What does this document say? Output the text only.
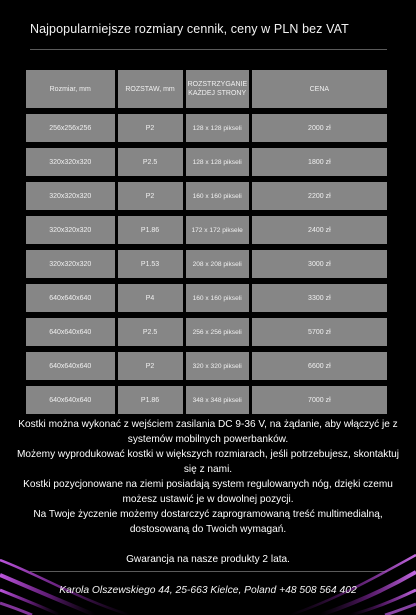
Najpopularniejsze rozmiary cennik, ceny w PLN bez VAT
Rozmiar, mm	ROZSTAW, mm	ROZSTRZYGANIE KAŻDEJ STRONY	CENA
256x256x256	P2	128 x 128 pikseli	2000 zł
320x320x320	P2.5	128 x 128 pikseli	1800 zł
320x320x320	P2	160 x 160 pikseli	2200 zł
320x320x320	P1.86	172 x 172 piksele	2400 zł
320x320x320	P1.53	208 x 208 pikseli	3000 zł
640x640x640	P4	160 x 160 pikseli	3300 zł
640x640x640	P2.5	256 x 256 pikseli	5700 zł
640x640x640	P2	320 x 320 pikseli	6600 zł
640x640x640	P1.86	348 x 348 pikseli	7000 zł

Kostki można wykonać z wejściem zasilania DC 9-36 V, na żądanie, aby włączyć je z systemów mobilnych powerbanków.

Możemy wyprodukować kostki w większych rozmiarach, jeśli potrzebujesz, skontaktuj się z nami.

Kostki pozycjonowane na ziemi posiadają system regulowanych nóg, dzięki czemu możesz ustawić je w dowolnej pozycji.

Na Twoje życzenie możemy dostarczyć zaprogramowaną treść multimedialną, dostosowaną do Twoich wymagań.

Gwarancja na nasze produkty 2 lata.

Karola Olszewskiego 44, 25-663 Kielce, Poland +48 508 564 402
